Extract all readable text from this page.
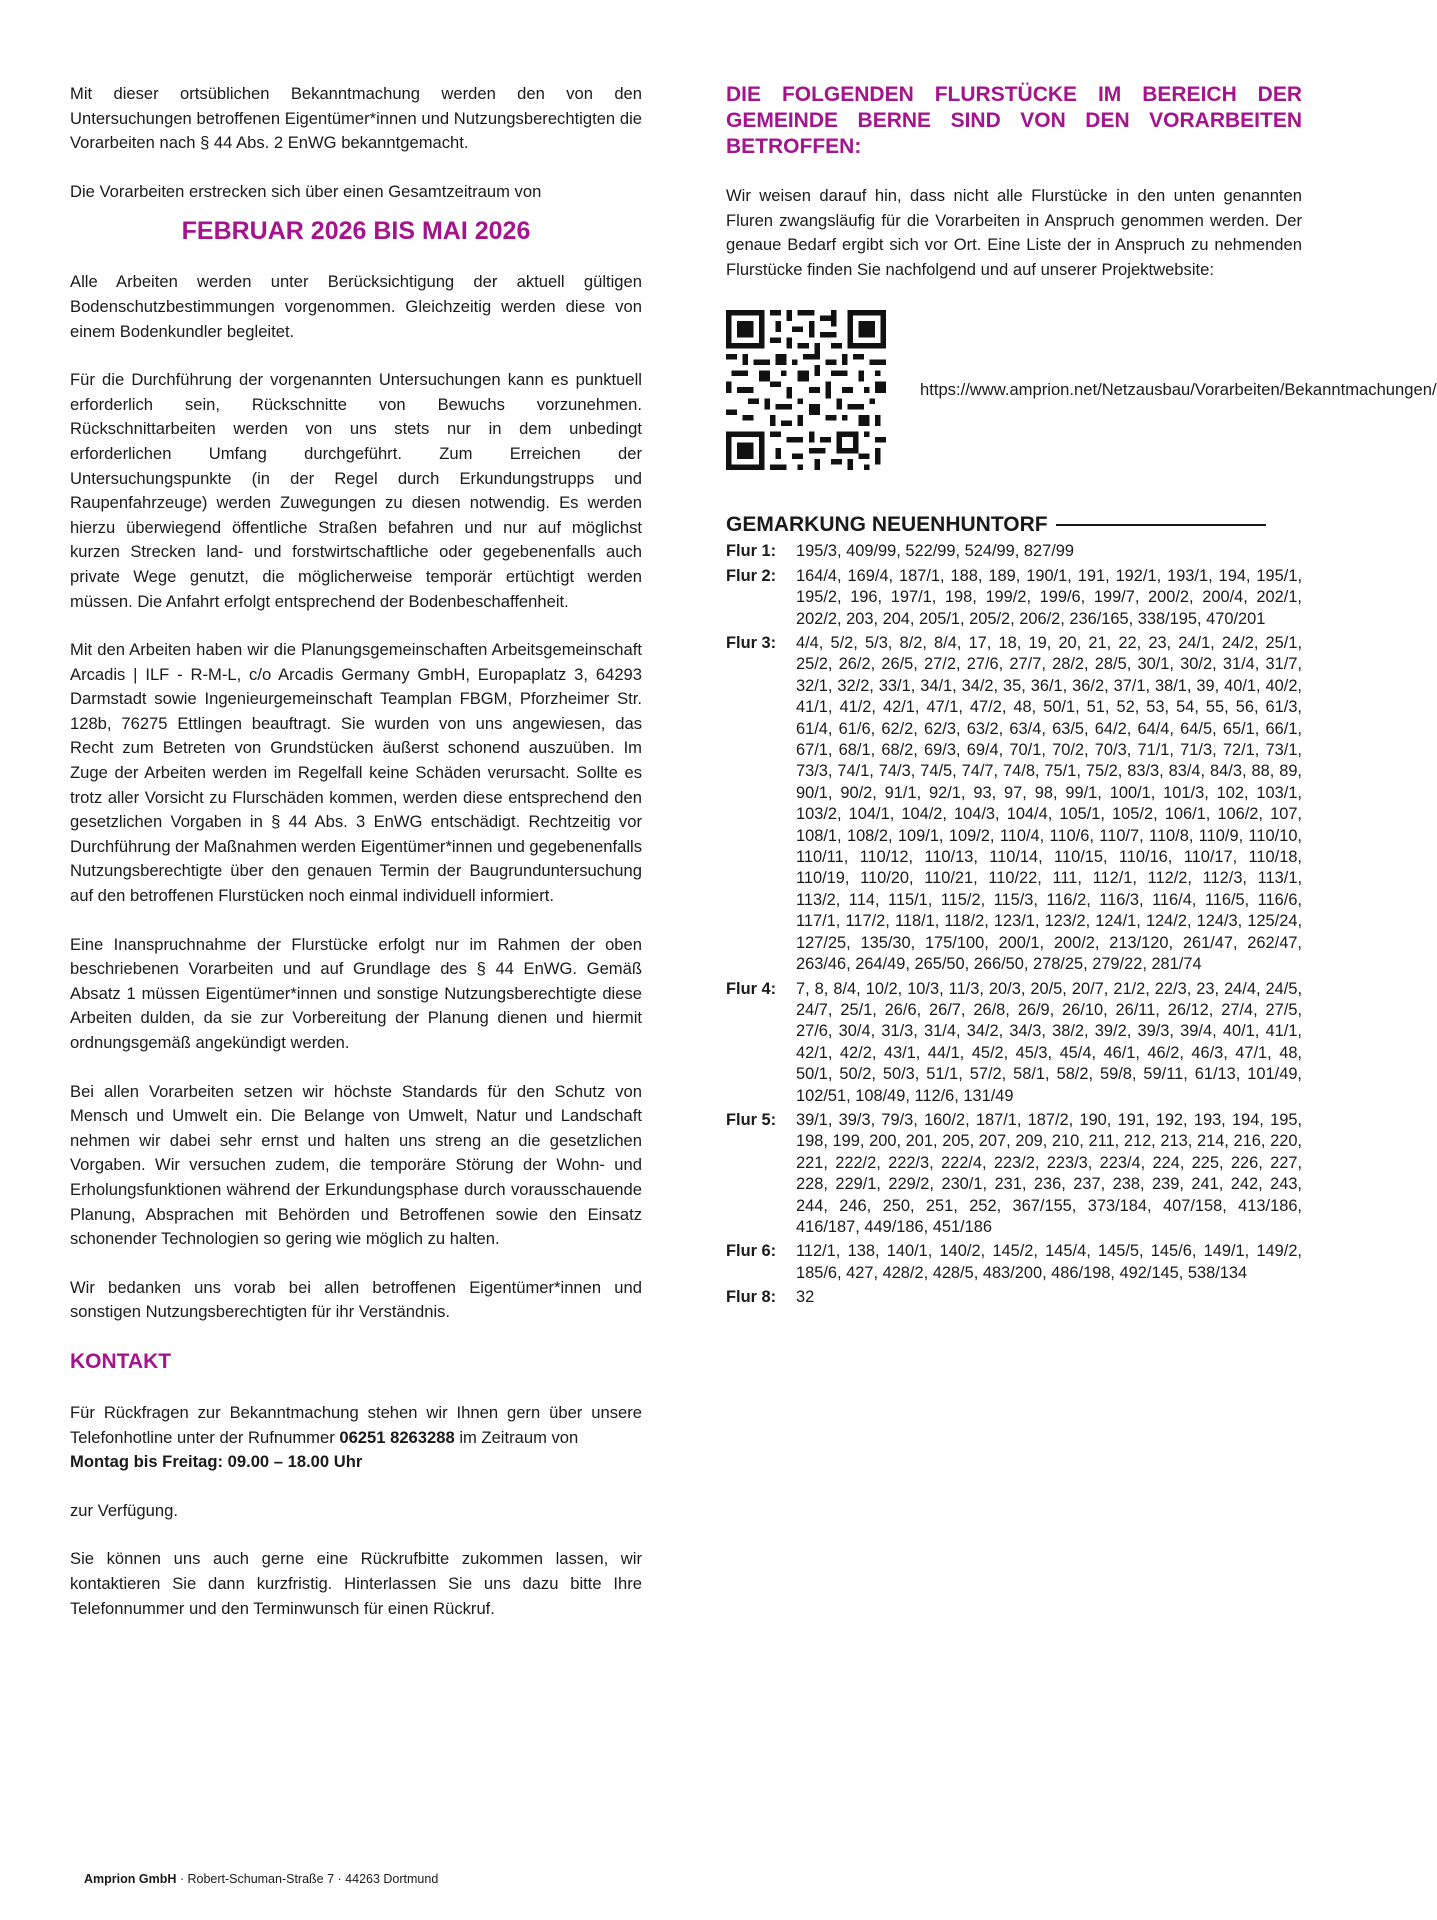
Mit dieser ortsüblichen Bekanntmachung werden den von den Untersuchungen betroffenen Eigentümer*innen und Nutzungsberechtigten die Vorarbeiten nach § 44 Abs. 2 EnWG bekanntgemacht.

Die Vorarbeiten erstrecken sich über einen Gesamtzeitraum von

FEBRUAR 2026 BIS MAI 2026

Alle Arbeiten werden unter Berücksichtigung der aktuell gültigen Bodenschutzbestimmungen vorgenommen. Gleichzeitig werden diese von einem Bodenkundler begleitet.

Für die Durchführung der vorgenannten Untersuchungen kann es punktuell erforderlich sein, Rückschnitte von Bewuchs vorzunehmen. Rückschnittarbeiten werden von uns stets nur in dem unbedingt erforderlichen Umfang durchgeführt. Zum Erreichen der Untersuchungspunkte (in der Regel durch Erkundungstrupps und Raupenfahrzeuge) werden Zuwegungen zu diesen notwendig. Es werden hierzu überwiegend öffentliche Straßen befahren und nur auf möglichst kurzen Strecken land- und forstwirtschaftliche oder gegebenenfalls auch private Wege genutzt, die möglicherweise temporär ertüchtigt werden müssen. Die Anfahrt erfolgt entsprechend der Bodenbeschaffenheit.

Mit den Arbeiten haben wir die Planungsgemeinschaften Arbeitsgemeinschaft Arcadis | ILF - R-M-L, c/o Arcadis Germany GmbH, Europaplatz 3, 64293 Darmstadt sowie Ingenieurgemeinschaft Teamplan FBGM, Pforzheimer Str. 128b, 76275 Ettlingen beauftragt. Sie wurden von uns angewiesen, das Recht zum Betreten von Grundstücken äußerst schonend auszuüben. Im Zuge der Arbeiten werden im Regelfall keine Schäden verursacht. Sollte es trotz aller Vorsicht zu Flurschäden kommen, werden diese entsprechend den gesetzlichen Vorgaben in § 44 Abs. 3 EnWG entschädigt. Rechtzeitig vor Durchführung der Maßnahmen werden Eigentümer*innen und gegebenenfalls Nutzungsberechtigte über den genauen Termin der Baugrunduntersuchung auf den betroffenen Flurstücken noch einmal individuell informiert.

Eine Inanspruchnahme der Flurstücke erfolgt nur im Rahmen der oben beschriebenen Vorarbeiten und auf Grundlage des § 44 EnWG. Gemäß Absatz 1 müssen Eigentümer*innen und sonstige Nutzungsberechtigte diese Arbeiten dulden, da sie zur Vorbereitung der Planung dienen und hiermit ordnungsgemäß angekündigt werden.

Bei allen Vorarbeiten setzen wir höchste Standards für den Schutz von Mensch und Umwelt ein. Die Belange von Umwelt, Natur und Landschaft nehmen wir dabei sehr ernst und halten uns streng an die gesetzlichen Vorgaben. Wir versuchen zudem, die temporäre Störung der Wohn- und Erholungsfunktionen während der Erkundungsphase durch vorausschauende Planung, Absprachen mit Behörden und Betroffenen sowie den Einsatz schonender Technologien so gering wie möglich zu halten.

Wir bedanken uns vorab bei allen betroffenen Eigentümer*innen und sonstigen Nutzungsberechtigten für ihr Verständnis.

KONTAKT

Für Rückfragen zur Bekanntmachung stehen wir Ihnen gern über unsere Telefonhotline unter der Rufnummer 06251 8263288 im Zeitraum von

Montag bis Freitag: 09.00 – 18.00 Uhr

zur Verfügung.

Sie können uns auch gerne eine Rückrufbitte zukommen lassen, wir kontaktieren Sie dann kurzfristig. Hinterlassen Sie uns dazu bitte Ihre Telefonnummer und den Terminwunsch für einen Rückruf.

DIE FOLGENDEN FLURSTÜCKE IM BEREICH DER GEMEINDE BERNE SIND VON DEN VORARBEITEN BETROFFEN:

Wir weisen darauf hin, dass nicht alle Flurstücke in den unten genannten Fluren zwangsläufig für die Vorarbeiten in Anspruch genommen werden. Der genaue Bedarf ergibt sich vor Ort. Eine Liste der in Anspruch zu nehmenden Flurstücke finden Sie nachfolgend und auf unserer Projektwebsite:

https://www.amprion.net/Netzausbau/Vorarbeiten/Bekanntmachungen/
GEMARKUNG NEUENHUNTORF
Flur 1:	195/3, 409/99, 522/99, 524/99, 827/99
Flur 2:	164/4, 169/4, 187/1, 188, 189, 190/1, 191, 192/1, 193/1, 194, 195/1, 195/2, 196, 197/1, 198, 199/2, 199/6, 199/7, 200/2, 200/4, 202/1, 202/2, 203, 204, 205/1, 205/2, 206/2, 236/165, 338/195, 470/201
Flur 3:	4/4, 5/2, 5/3, 8/2, 8/4, 17, 18, 19, 20, 21, 22, 23, 24/1, 24/2, 25/1, 25/2, 26/2, 26/5, 27/2, 27/6, 27/7, 28/2, 28/5, 30/1, 30/2, 31/4, 31/7, 32/1, 32/2, 33/1, 34/1, 34/2, 35, 36/1, 36/2, 37/1, 38/1, 39, 40/1, 40/2, 41/1, 41/2, 42/1, 47/1, 47/2, 48, 50/1, 51, 52, 53, 54, 55, 56, 61/3, 61/4, 61/6, 62/2, 62/3, 63/2, 63/4, 63/5, 64/2, 64/4, 64/5, 65/1, 66/1, 67/1, 68/1, 68/2, 69/3, 69/4, 70/1, 70/2, 70/3, 71/1, 71/3, 72/1, 73/1, 73/3, 74/1, 74/3, 74/5, 74/7, 74/8, 75/1, 75/2, 83/3, 83/4, 84/3, 88, 89, 90/1, 90/2, 91/1, 92/1, 93, 97, 98, 99/1, 100/1, 101/3, 102, 103/1, 103/2, 104/1, 104/2, 104/3, 104/4, 105/1, 105/2, 106/1, 106/2, 107, 108/1, 108/2, 109/1, 109/2, 110/4, 110/6, 110/7, 110/8, 110/9, 110/10, 110/11, 110/12, 110/13, 110/14, 110/15, 110/16, 110/17, 110/18, 110/19, 110/20, 110/21, 110/22, 111, 112/1, 112/2, 112/3, 113/1, 113/2, 114, 115/1, 115/2, 115/3, 116/2, 116/3, 116/4, 116/5, 116/6, 117/1, 117/2, 118/1, 118/2, 123/1, 123/2, 124/1, 124/2, 124/3, 125/24, 127/25, 135/30, 175/100, 200/1, 200/2, 213/120, 261/47, 262/47, 263/46, 264/49, 265/50, 266/50, 278/25, 279/22, 281/74
Flur 4:	7, 8, 8/4, 10/2, 10/3, 11/3, 20/3, 20/5, 20/7, 21/2, 22/3, 23, 24/4, 24/5, 24/7, 25/1, 26/6, 26/7, 26/8, 26/9, 26/10, 26/11, 26/12, 27/4, 27/5, 27/6, 30/4, 31/3, 31/4, 34/2, 34/3, 38/2, 39/2, 39/3, 39/4, 40/1, 41/1, 42/1, 42/2, 43/1, 44/1, 45/2, 45/3, 45/4, 46/1, 46/2, 46/3, 47/1, 48, 50/1, 50/2, 50/3, 51/1, 57/2, 58/1, 58/2, 59/8, 59/11, 61/13, 101/49, 102/51, 108/49, 112/6, 131/49
Flur 5:	39/1, 39/3, 79/3, 160/2, 187/1, 187/2, 190, 191, 192, 193, 194, 195, 198, 199, 200, 201, 205, 207, 209, 210, 211, 212, 213, 214, 216, 220, 221, 222/2, 222/3, 222/4, 223/2, 223/3, 223/4, 224, 225, 226, 227, 228, 229/1, 229/2, 230/1, 231, 236, 237, 238, 239, 241, 242, 243, 244, 246, 250, 251, 252, 367/155, 373/184, 407/158, 413/186, 416/187, 449/186, 451/186
Flur 6:	112/1, 138, 140/1, 140/2, 145/2, 145/4, 145/5, 145/6, 149/1, 149/2, 185/6, 427, 428/2, 428/5, 483/200, 486/198, 492/145, 538/134
Flur 8:	32
Amprion GmbH · Robert-Schuman-Straße 7 · 44263 Dortmund
